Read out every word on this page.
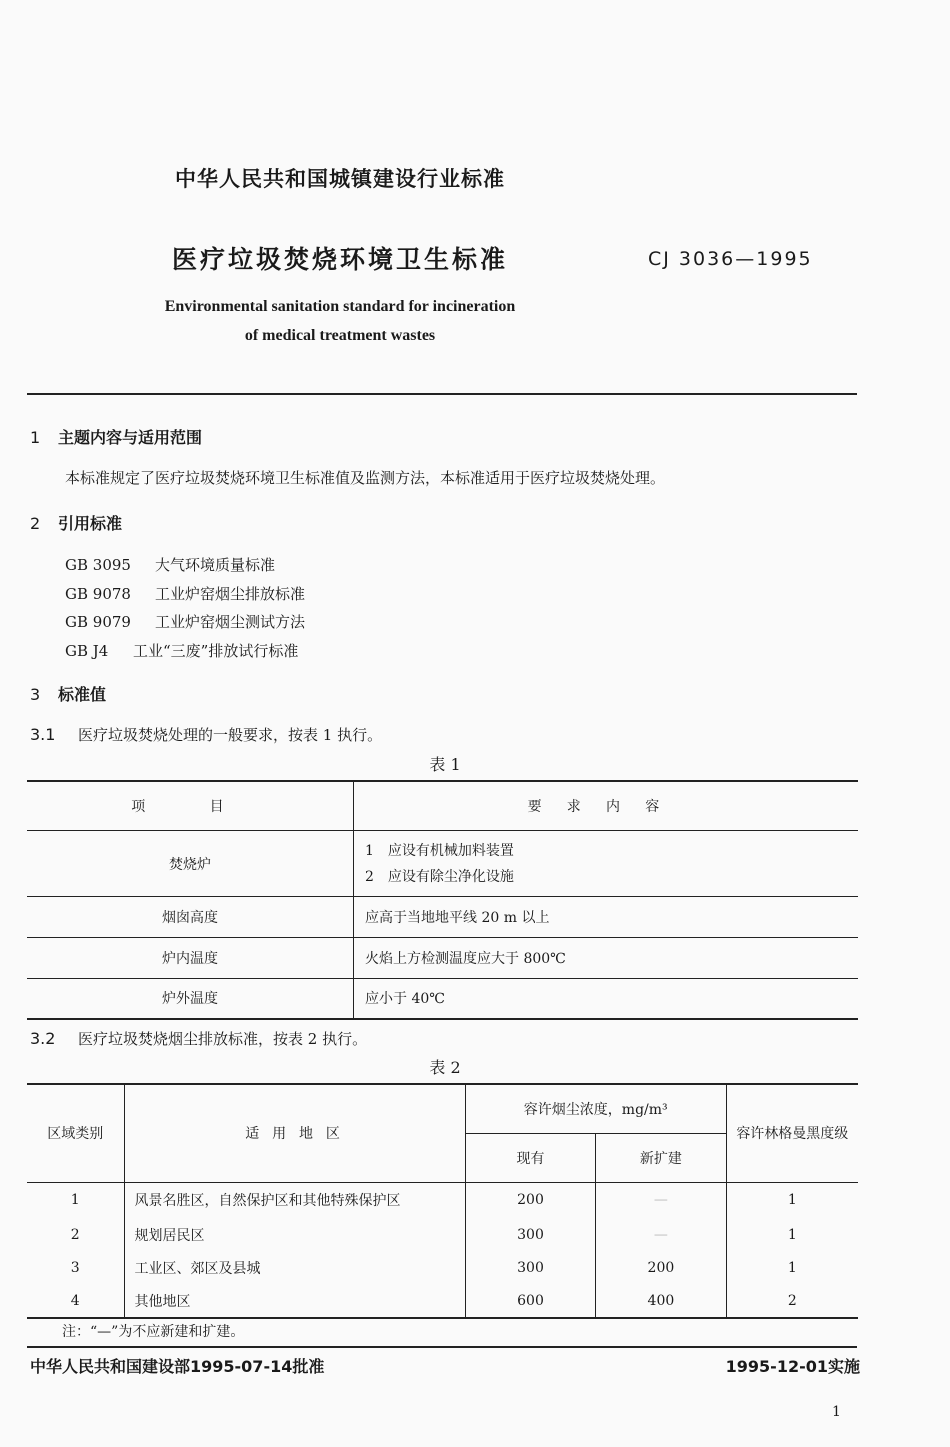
中华人民共和国城镇建设行业标准
医疗垃圾焚烧环境卫生标准	CJ 3036—1995
Environmental sanitation standard for incineration
of medical treatment wastes
1 主题内容与适用范围
本标准规定了医疗垃圾焚烧环境卫生标准值及监测方法，本标准适用于医疗垃圾焚烧处理。
2 引用标准
GB 3095 大气环境质量标准
GB 9078 工业炉窑烟尘排放标准
GB 9079 工业炉窑烟尘测试方法
GB J4 工业“三废”排放试行标准
3 标准值
3.1 医疗垃圾焚烧处理的一般要求，按表 1 执行。
表 1
项　目	要求内容
焚烧炉	1　应设有机械加料装置
2　应设有除尘净化设施

烟囱高度	应高于当地地平线 20 m 以上
炉内温度	火焰上方检测温度应大于 800℃
炉外温度	应小于 40℃
3.2 医疗垃圾焚烧烟尘排放标准，按表 2 执行。
表 2
区域类别	适 用 地 区	容许烟尘浓度，mg/m³		容许林格曼黑度级
		现有	新扩建	
1	风景名胜区，自然保护区和其他特殊保护区	200	—	1
2	规划居民区	300	—	1
3	工业区、郊区及县城	300	200	1
4	其他地区	600	400	2
注：“—”为不应新建和扩建。
中华人民共和国建设部1995-07-14批准	1995-12-01实施
1
